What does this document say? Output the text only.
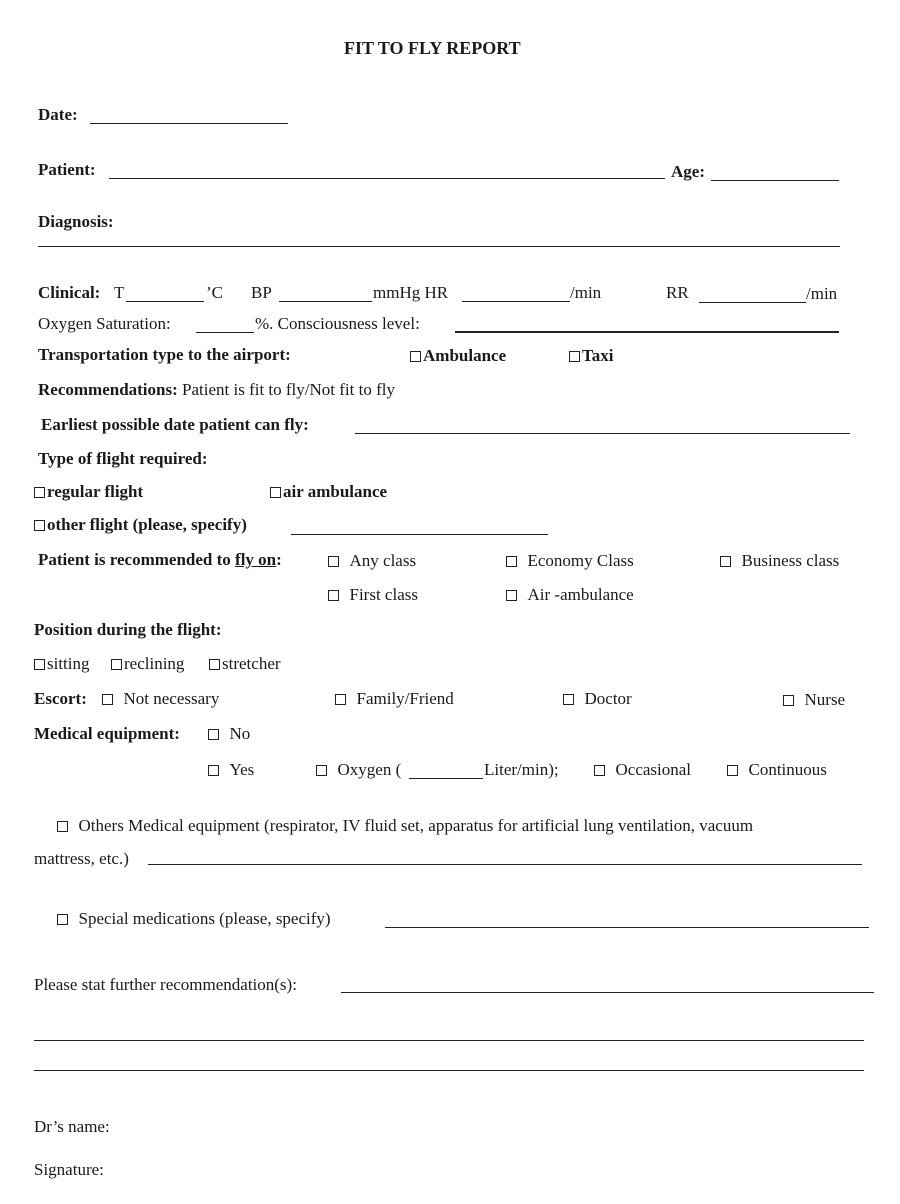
FIT TO FLY REPORT
Date:
Patient:	Age:
Diagnosis:
Clinical: T	’C BP	mmHg HR	/min	RR	/min
Oxygen Saturation:	%. Consciousness level:
Transportation type to the airport:	Ambulance	Taxi
Recommendations: Patient is fit to fly/Not fit to fly
Earliest possible date patient can fly:
Type of flight required:
regular flight	air ambulance
other flight (please, specify)
Patient is recommended to fly on:	Any class	Economy Class	Business class
First class	Air -ambulance
Position during the flight:
sitting	reclining	stretcher
Escort:	Not necessary	Family/Friend	Doctor	Nurse
Medical equipment:	No
Yes	Oxygen (	Liter/min);	Occasional	Continuous
Others Medical equipment (respirator, IV fluid set, apparatus for artificial lung ventilation, vacuum
mattress, etc.)
Special medications (please, specify)
Please stat further recommendation(s):
Dr’s name:
Signature:
